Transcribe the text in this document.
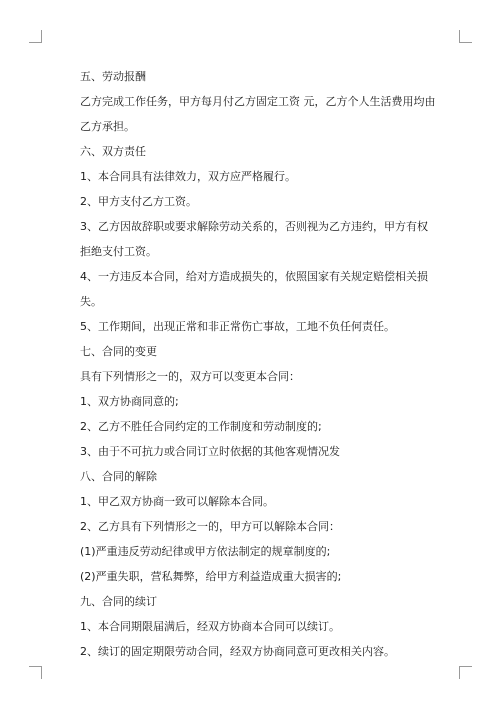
五、劳动报酬

乙方完成工作任务，甲方每月付乙方固定工资 元，乙方个人生活费用均由乙方承担。

六、双方责任

1、本合同具有法律效力，双方应严格履行。

2、甲方支付乙方工资。

3、乙方因故辞职或要求解除劳动关系的，否则视为乙方违约，甲方有权拒绝支付工资。

4、一方违反本合同，给对方造成损失的，依照国家有关规定赔偿相关损失。

5、工作期间，出现正常和非正常伤亡事故，工地不负任何责任。

七、合同的变更

具有下列情形之一的，双方可以变更本合同：

1、双方协商同意的;

2、乙方不胜任合同约定的工作制度和劳动制度的;

3、由于不可抗力或合同订立时依据的其他客观情况发

八、合同的解除

1、甲乙双方协商一致可以解除本合同。

2、乙方具有下列情形之一的，甲方可以解除本合同：

(1)严重违反劳动纪律或甲方依法制定的规章制度的;

(2)严重失职，营私舞弊，给甲方利益造成重大损害的;

九、合同的续订

1、本合同期限届满后，经双方协商本合同可以续订。

2、续订的固定期限劳动合同，经双方协商同意可更改相关内容。
